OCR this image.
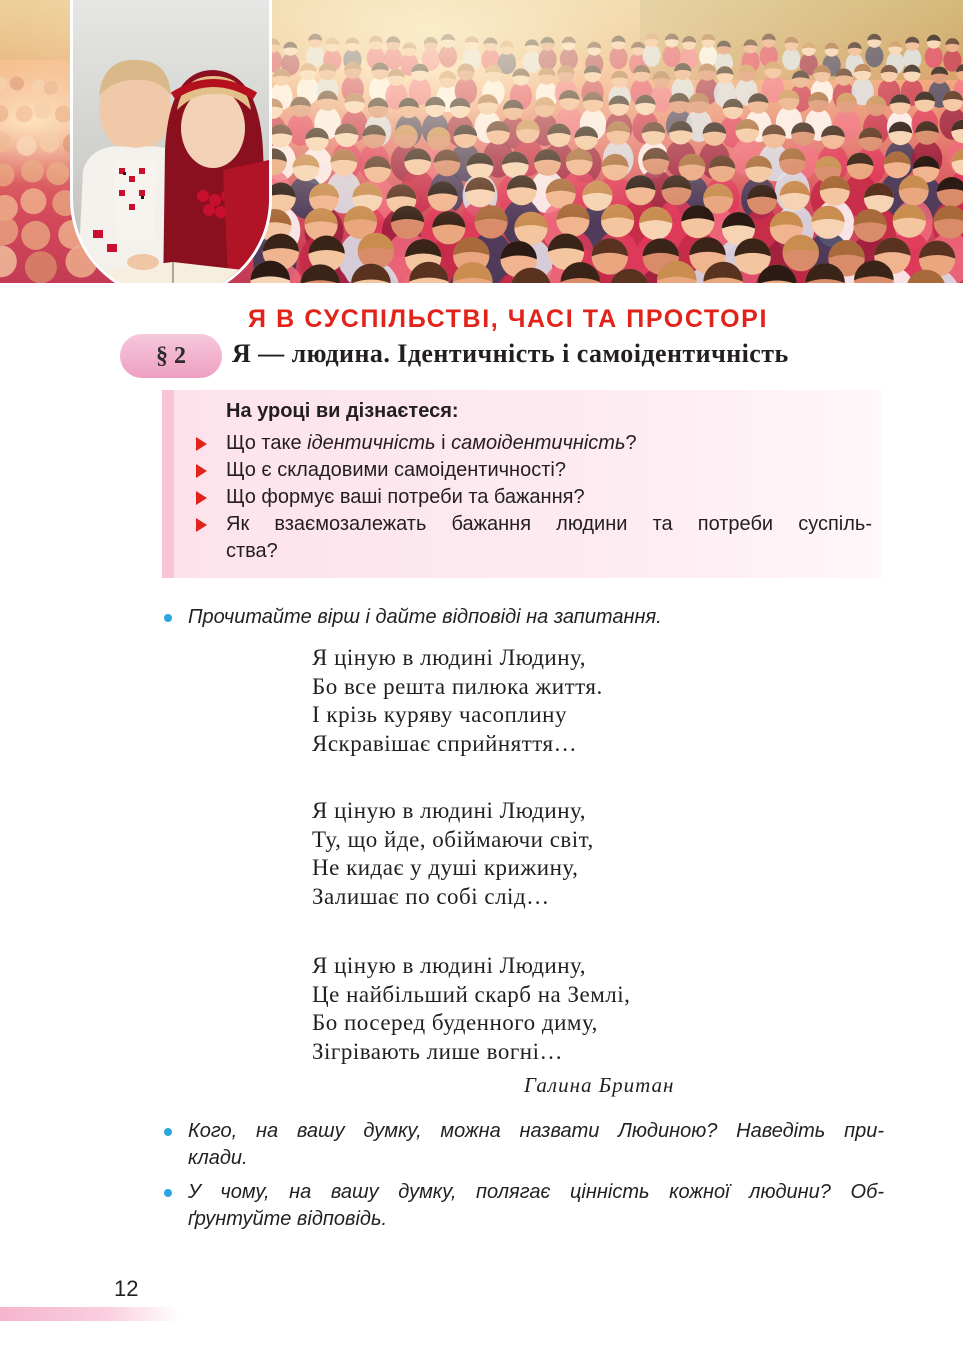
Я В СУСПІЛЬСТВІ, ЧАСІ ТА ПРОСТОРІ
§ 2	Я — людина. Ідентичність і самоідентичність
На уроці ви дізнаєтеся:
Що таке ідентичність і самоідентичність?
Що є складовими самоідентичності?
Що формує ваші потреби та бажання?
Як взаємозалежать бажання людини та потреби суспіль-
ства?
Прочитайте вірш і дайте відповіді на запитання.
Я ціную в людині Людину,
Бо все решта пилюка життя.
І крізь куряву часоплину
Яскравішає сприйняття…
Я ціную в людині Людину,
Ту, що йде, обіймаючи світ,
Не кидає у душі крижину,
Залишає по собі слід…
Я ціную в людині Людину,
Це найбільший скарб на Землі,
Бо посеред буденного диму,
Зігрівають лише вогні…
Галина Британ
Кого, на вашу думку, можна назвати Людиною? Наведіть при-
клади.
У чому, на вашу думку, полягає цінність кожної людини? Об-
ґрунтуйте відповідь.
12
